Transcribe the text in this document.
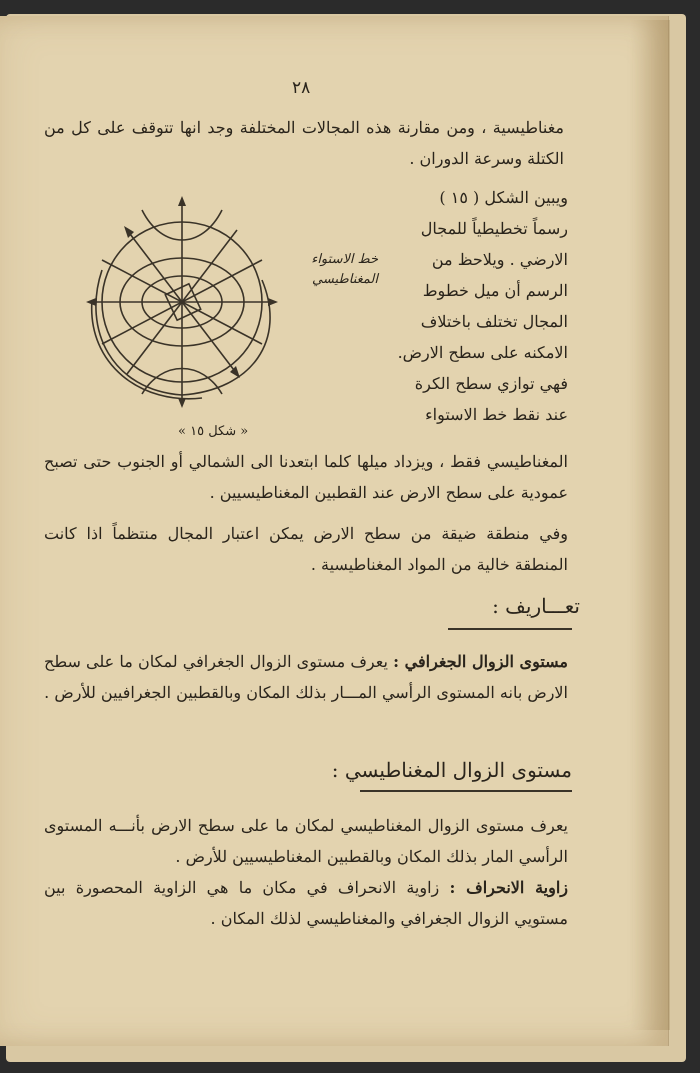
٢٨
مغناطيسية ، ومن مقارنة هذه المجالات المختلفة وجد انها تتوقف على كل من الكتلة وسرعة الدوران .
خط الاستواء المغناطيسي
« شكل ١٥ »
ويبين الشكل ( ١٥ )
رسماً تخطيطياً للمجال
الارضي . ويلاحظ من
الرسم أن ميل خطوط
المجال تختلف باختلاف
الامكنه على سطح الارض.
فهي توازي سطح الكرة
عند نقط خط الاستواء
المغناطيسي فقط ، ويزداد ميلها كلما ابتعدنا الى الشمالي أو الجنوب حتى تصبح عمودية على سطح الارض عند القطبين المغناطيسيين .
وفي منطقة ضيقة من سطح الارض يمكن اعتبار المجال منتظماً اذا كانت المنطقة خالية من المواد المغناطيسية .
تعـــاريف :
مستوى الزوال الجغرافي : يعرف مستوى الزوال الجغرافي لمكان ما على سطح الارض بانه المستوى الرأسي المـــار بذلك المكان وبالقطبين الجغرافيين للأرض .
مستوى الزوال المغناطيسي :
يعرف مستوى الزوال المغناطيسي لمكان ما على سطح الارض بأنـــه المستوى الرأسي المار بذلك المكان وبالقطبين المغناطيسيين للأرض .
زاوية الانحراف : زاوية الانحراف في مكان ما هي الزاوية المحصورة بين مستويي الزوال الجغرافي والمغناطيسي لذلك المكان .
